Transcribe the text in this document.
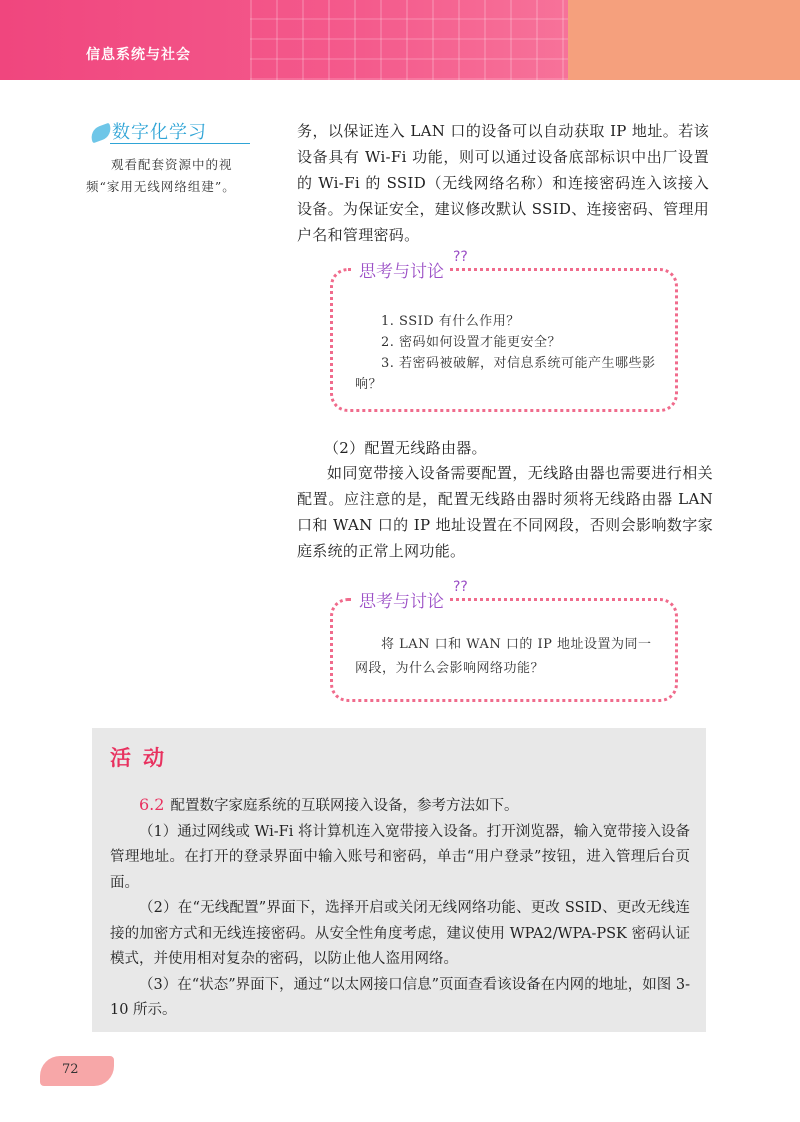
信息系统与社会
数字化学习
观看配套资源中的视频“家用无线网络组建”。
务，以保证连入 LAN 口的设备可以自动获取 IP 地址。若该设备具有 Wi-Fi 功能，则可以通过设备底部标识中出厂设置的 Wi-Fi 的 SSID（无线网络名称）和连接密码连入该接入设备。为保证安全，建议修改默认 SSID、连接密码、管理用户名和管理密码。
思考与讨论
??
1. SSID 有什么作用？
2. 密码如何设置才能更安全？
3. 若密码被破解，对信息系统可能产生哪些影响？
（2）配置无线路由器。
如同宽带接入设备需要配置，无线路由器也需要进行相关配置。应注意的是，配置无线路由器时须将无线路由器 LAN 口和 WAN 口的 IP 地址设置在不同网段，否则会影响数字家庭系统的正常上网功能。
思考与讨论
??
将 LAN 口和 WAN 口的 IP 地址设置为同一网段，为什么会影响网络功能？
活动
6.2 配置数字家庭系统的互联网接入设备，参考方法如下。
（1）通过网线或 Wi-Fi 将计算机连入宽带接入设备。打开浏览器，输入宽带接入设备管理地址。在打开的登录界面中输入账号和密码，单击“用户登录”按钮，进入管理后台页面。
（2）在“无线配置”界面下，选择开启或关闭无线网络功能、更改 SSID、更改无线连接的加密方式和无线连接密码。从安全性角度考虑，建议使用 WPA2/WPA-PSK 密码认证模式，并使用相对复杂的密码，以防止他人盗用网络。
（3）在“状态”界面下，通过“以太网接口信息”页面查看该设备在内网的地址，如图 3-10 所示。
72
